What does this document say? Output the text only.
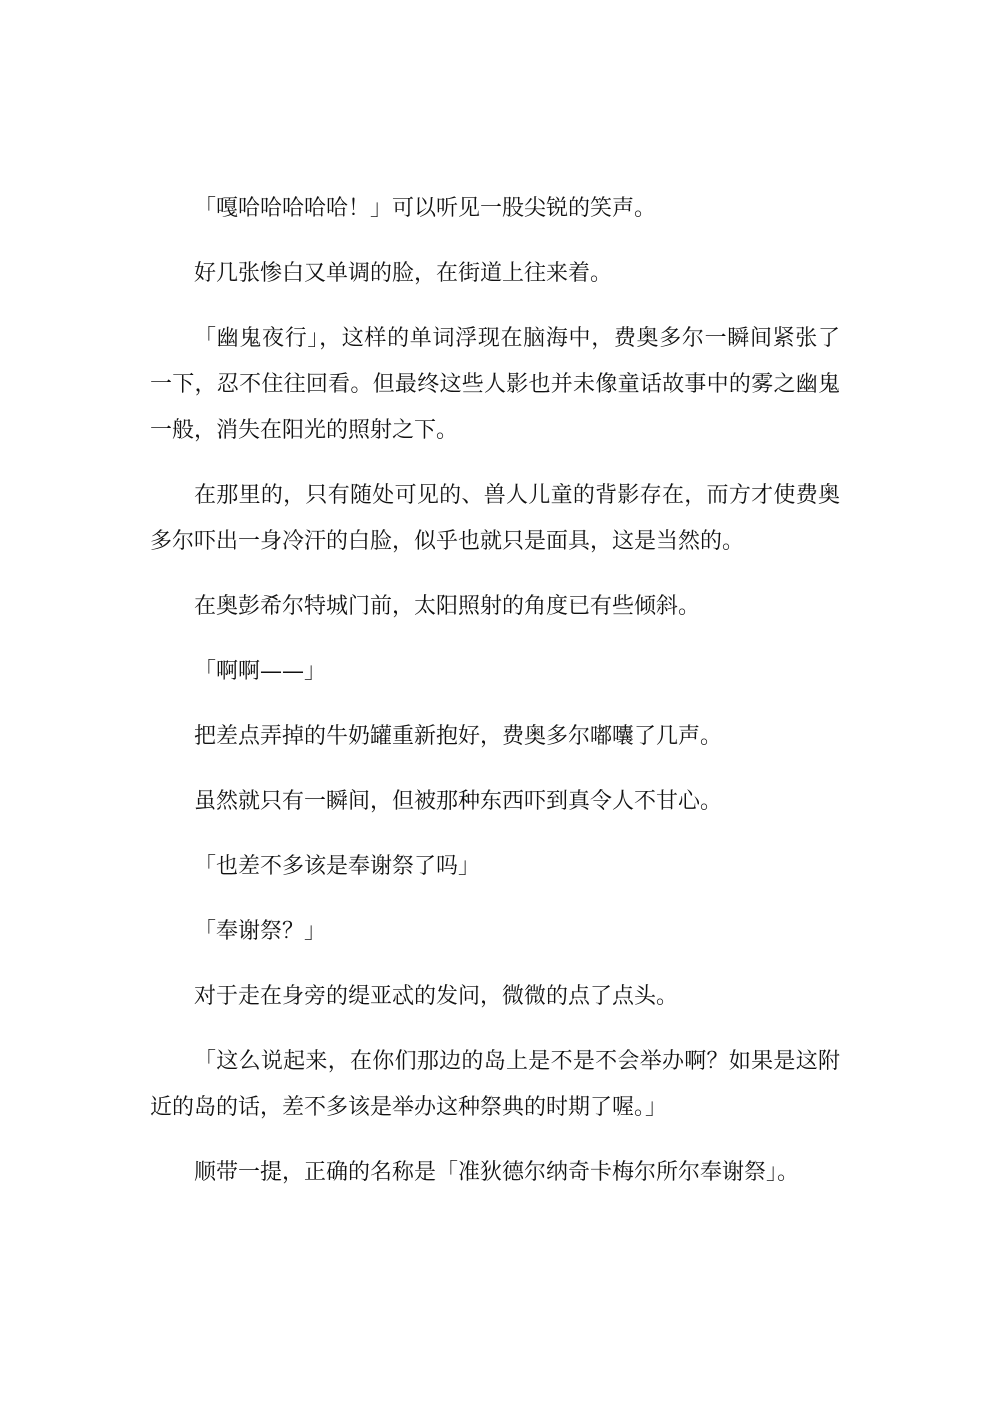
「嘎哈哈哈哈哈！」可以听见一股尖锐的笑声。

好几张惨白又单调的脸，在街道上往来着。

「幽鬼夜行」，这样的单词浮现在脑海中，费奥多尔一瞬间紧张了一下，忍不住往回看。但最终这些人影也并未像童话故事中的雾之幽鬼一般，消失在阳光的照射之下。

在那里的，只有随处可见的、兽人儿童的背影存在，而方才使费奥多尔吓出一身冷汗的白脸，似乎也就只是面具，这是当然的。

在奥彭希尔特城门前，太阳照射的角度已有些倾斜。

「啊啊——」

把差点弄掉的牛奶罐重新抱好，费奥多尔嘟囔了几声。

虽然就只有一瞬间，但被那种东西吓到真令人不甘心。

「也差不多该是奉谢祭了吗」

「奉谢祭？」

对于走在身旁的缇亚忒的发问，微微的点了点头。

「这么说起来，在你们那边的岛上是不是不会举办啊？如果是这附近的岛的话，差不多该是举办这种祭典的时期了喔。」

顺带一提，正确的名称是「准狄德尔纳奇卡梅尔所尔奉谢祭」。
